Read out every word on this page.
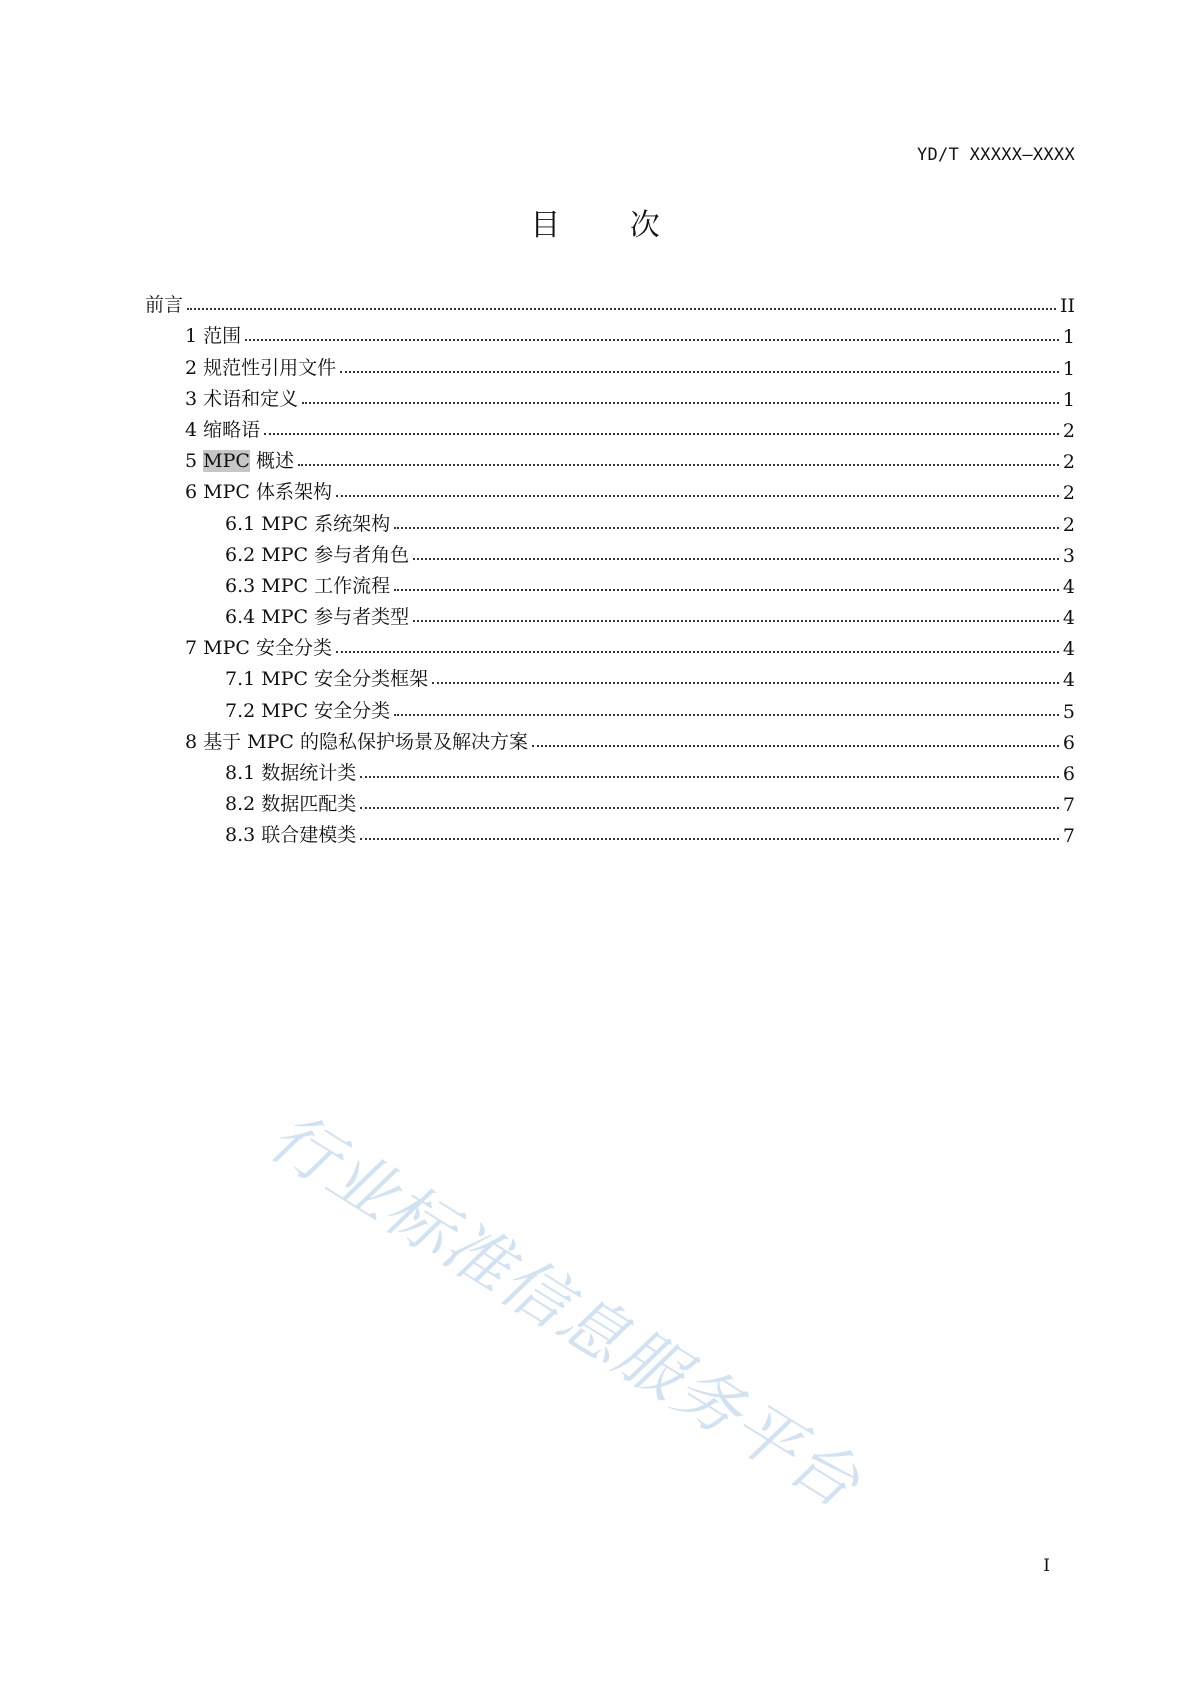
YD/T XXXXX—XXXX
目 次
前言	II
1 范围	1
2 规范性引用文件	1
3 术语和定义	1
4 缩略语	2
5 MPC 概述	2
6 MPC 体系架构	2
6.1 MPC 系统架构	2
6.2 MPC 参与者角色	3
6.3 MPC 工作流程	4
6.4 MPC 参与者类型	4
7 MPC 安全分类	4
7.1 MPC 安全分类框架	4
7.2 MPC 安全分类	5
8 基于 MPC 的隐私保护场景及解决方案	6
8.1 数据统计类	6
8.2 数据匹配类	7
8.3 联合建模类	7
行业标准信息服务平台
I
